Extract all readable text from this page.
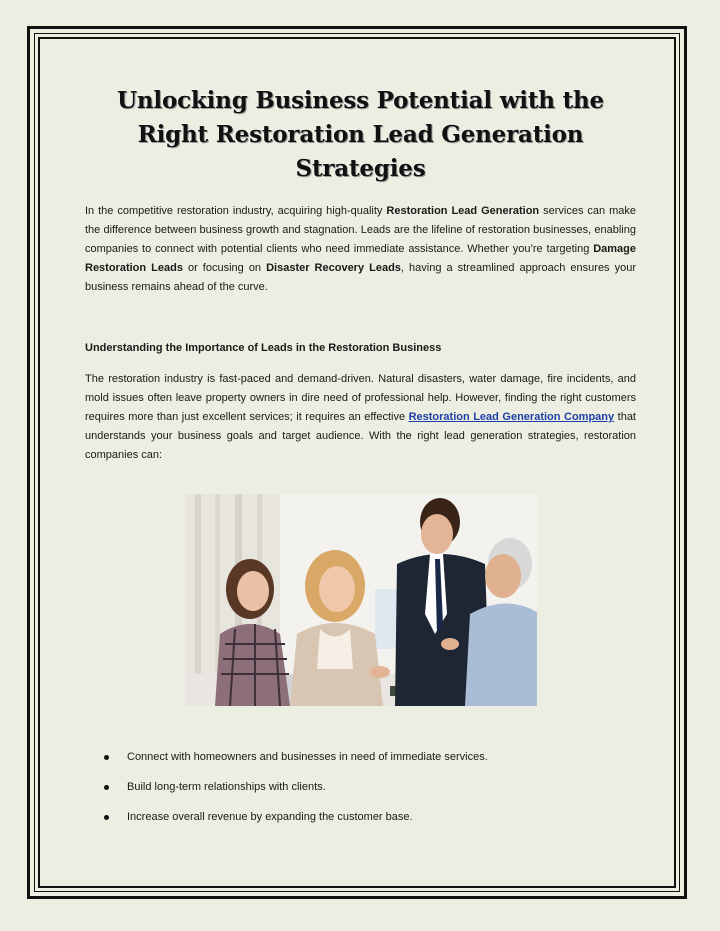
Unlocking Business Potential with the Right Restoration Lead Generation Strategies

In the competitive restoration industry, acquiring high-quality Restoration Lead Generation services can make the difference between business growth and stagnation. Leads are the lifeline of restoration businesses, enabling companies to connect with potential clients who need immediate assistance. Whether you’re targeting Damage Restoration Leads or focusing on Disaster Recovery Leads, having a streamlined approach ensures your business remains ahead of the curve.

Understanding the Importance of Leads in the Restoration Business

The restoration industry is fast-paced and demand-driven. Natural disasters, water damage, fire incidents, and mold issues often leave property owners in dire need of professional help. However, finding the right customers requires more than just excellent services; it requires an effective Restoration Lead Generation Company that understands your business goals and target audience. With the right lead generation strategies, restoration companies can:

Connect with homeowners and businesses in need of immediate services.
Build long-term relationships with clients.
Increase overall revenue by expanding the customer base.
